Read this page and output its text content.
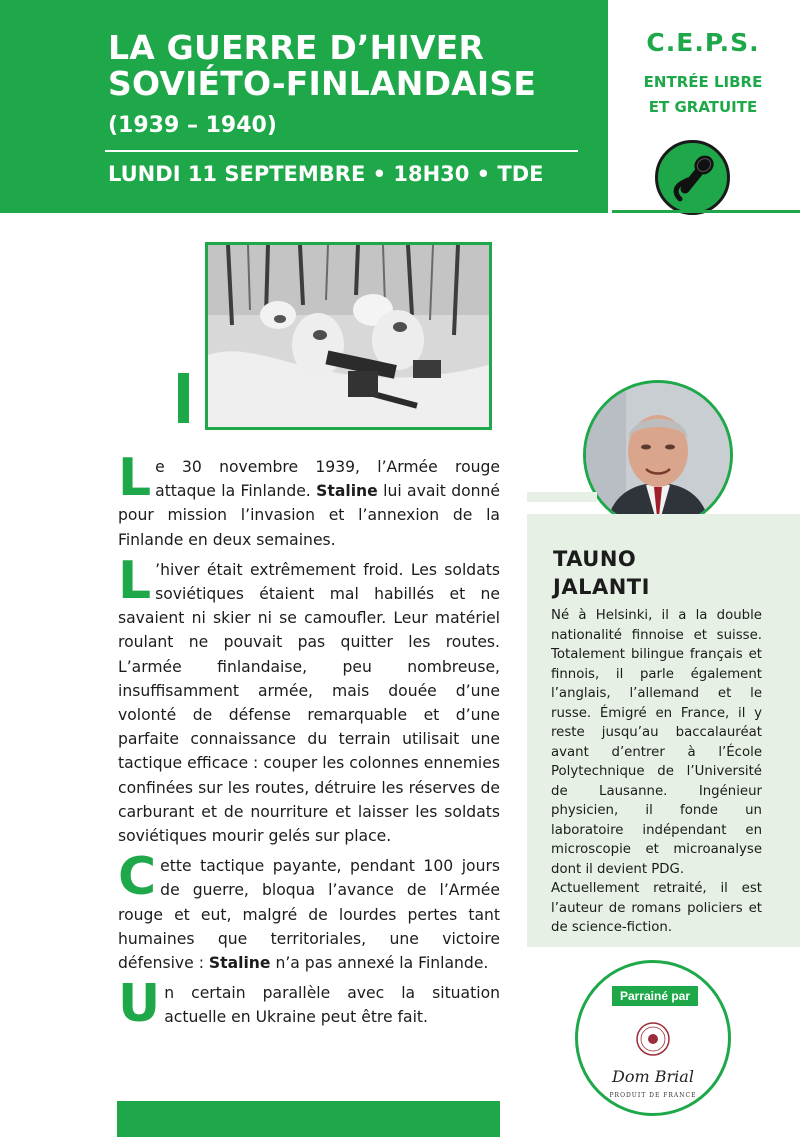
LA GUERRE D’HIVER
SOVIÉTO-FINLANDAISE
(1939 – 1940)
LUNDI 11 SEPTEMBRE • 18H30 • TDE
C.E.P.S.
ENTRÉE LIBRE
ET GRATUITE

Le 30 novembre 1939, l’Armée rouge attaque la Finlande. Staline lui avait donné pour mission l’invasion et l’annexion de la Finlande en deux semaines.

L ’hiver était extrêmement froid. Les soldats soviétiques étaient mal habillés et ne savaient ni skier ni se camoufler. Leur matériel roulant ne pouvait pas quitter les routes. L’armée finlandaise, peu nombreuse, insuffisamment armée, mais douée d’une volonté de défense remarquable et d’une parfaite connaissance du terrain utilisait une tactique efficace : couper les colonnes ennemies confinées sur les routes, détruire les réserves de carburant et de nourriture et laisser les soldats soviétiques mourir gelés sur place.

Cette tactique payante, pendant 100 jours de guerre, bloqua l’avance de l’Armée rouge et eut, malgré de lourdes pertes tant humaines que territoriales, une victoire défensive : Staline n’a pas annexé la Finlande.

Un certain parallèle avec la situation actuelle en Ukraine peut être fait.

TAUNO
JALANTI
Né à Helsinki, il a la double nationalité finnoise et suisse. Totalement bilingue français et finnois, il parle également l’anglais, l’allemand et le russe. Émigré en France, il y reste jusqu’au baccalauréat avant d’entrer à l’École Polytechnique de l’Université de Lausanne. Ingénieur physicien, il fonde un laboratoire indépendant en microscopie et microanalyse dont il devient PDG.
Actuellement retraité, il est l’auteur de romans policiers et de science-fiction.
Parrainé par
Dom Brial
PRODUIT DE FRANCE
